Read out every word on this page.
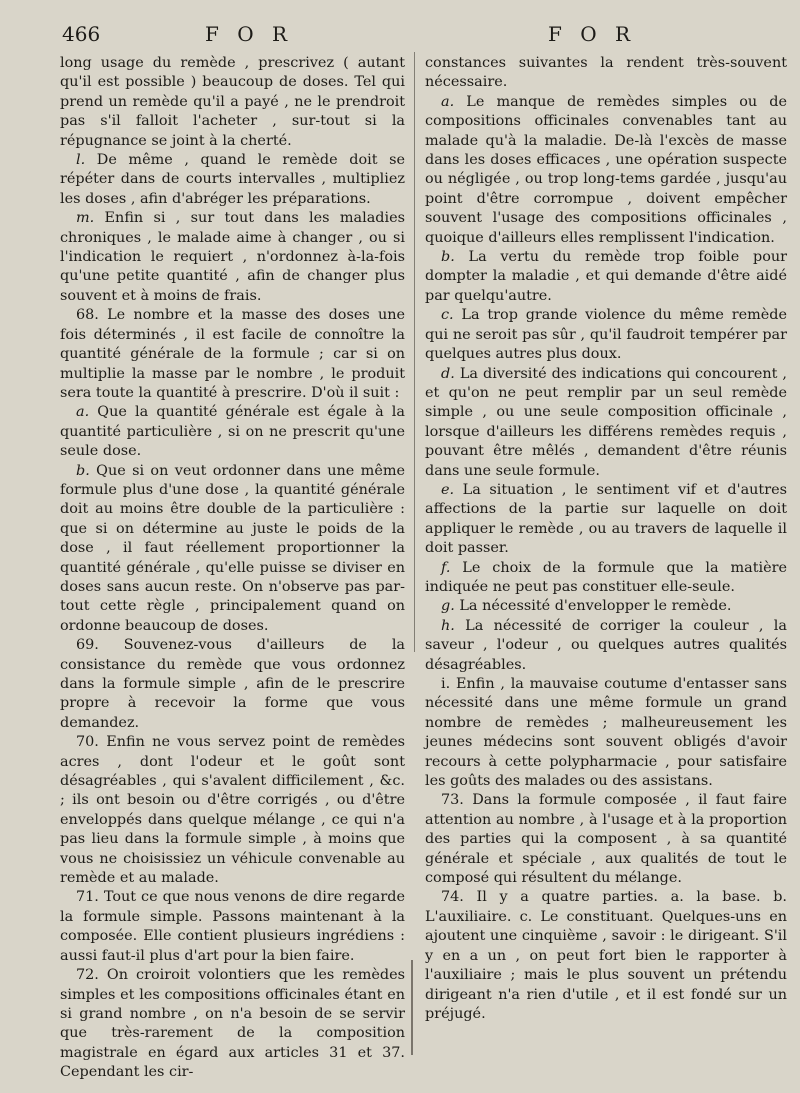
466	F O R	F O R

long usage du remède , prescrivez ( autant qu'il est possible ) beaucoup de doses. Tel qui prend un remède qu'il a payé , ne le prendroit pas s'il falloit l'acheter , sur-tout si la répugnance se joint à la cherté.

l. De même , quand le remède doit se répéter dans de courts intervalles , multipliez les doses , afin d'abréger les préparations.

m. Enfin si , sur tout dans les maladies chroniques , le malade aime à changer , ou si l'indication le requiert , n'ordonnez à-la-fois qu'une petite quantité , afin de changer plus souvent et à moins de frais.

68. Le nombre et la masse des doses une fois déterminés , il est facile de connoître la quantité générale de la formule ; car si on multiplie la masse par le nombre , le produit sera toute la quantité à prescrire. D'où il suit :

a. Que la quantité générale est égale à la quantité particulière , si on ne prescrit qu'une seule dose.

b. Que si on veut ordonner dans une même formule plus d'une dose , la quantité générale doit au moins être double de la particulière : que si on détermine au juste le poids de la dose , il faut réellement proportionner la quantité générale , qu'elle puisse se diviser en doses sans aucun reste. On n'observe pas par-tout cette règle , principalement quand on ordonne beaucoup de doses.

69. Souvenez-vous d'ailleurs de la consistance du remède que vous ordonnez dans la formule simple , afin de le prescrire propre à recevoir la forme que vous demandez.

70. Enfin ne vous servez point de remèdes acres , dont l'odeur et le goût sont désagréables , qui s'avalent difficilement , &c. ; ils ont besoin ou d'être corrigés , ou d'être enveloppés dans quelque mélange , ce qui n'a pas lieu dans la formule simple , à moins que vous ne choisissiez un véhicule convenable au remède et au malade.

71. Tout ce que nous venons de dire regarde la formule simple. Passons maintenant à la composée. Elle contient plusieurs ingrédiens : aussi faut-il plus d'art pour la bien faire.

72. On croiroit volontiers que les remèdes simples et les compositions officinales étant en si grand nombre , on n'a besoin de se servir que très-rarement de la composition magistrale en égard aux articles 31 et 37. Cependant les cir-

constances suivantes la rendent très-souvent nécessaire.

a. Le manque de remèdes simples ou de compositions officinales convenables tant au malade qu'à la maladie. De-là l'excès de masse dans les doses efficaces , une opération suspecte ou négligée , ou trop long-tems gardée , jusqu'au point d'être corrompue , doivent empêcher souvent l'usage des compositions officinales , quoique d'ailleurs elles remplissent l'indication.

b. La vertu du remède trop foible pour dompter la maladie , et qui demande d'être aidé par quelqu'autre.

c. La trop grande violence du même remède qui ne seroit pas sûr , qu'il faudroit tempérer par quelques autres plus doux.

d. La diversité des indications qui concourent , et qu'on ne peut remplir par un seul remède simple , ou une seule composition officinale , lorsque d'ailleurs les différens remèdes requis , pouvant être mêlés , demandent d'être réunis dans une seule formule.

e. La situation , le sentiment vif et d'autres affections de la partie sur laquelle on doit appliquer le remède , ou au travers de laquelle il doit passer.

f. Le choix de la formule que la matière indiquée ne peut pas constituer elle-seule.

g. La nécessité d'envelopper le remède.

h. La nécessité de corriger la couleur , la saveur , l'odeur , ou quelques autres qualités désagréables.

i. Enfin , la mauvaise coutume d'entasser sans nécessité dans une même formule un grand nombre de remèdes ; malheureusement les jeunes médecins sont souvent obligés d'avoir recours à cette polypharmacie , pour satisfaire les goûts des malades ou des assistans.

73. Dans la formule composée , il faut faire attention au nombre , à l'usage et à la proportion des parties qui la composent , à sa quantité générale et spéciale , aux qualités de tout le composé qui résultent du mélange.

74. Il y a quatre parties. a. la base. b. L'auxiliaire. c. Le constituant. Quelques-uns en ajoutent une cinquième , savoir : le dirigeant. S'il y en a un , on peut fort bien le rapporter à l'auxiliaire ; mais le plus souvent un prétendu dirigeant n'a rien d'utile , et il est fondé sur un préjugé.
